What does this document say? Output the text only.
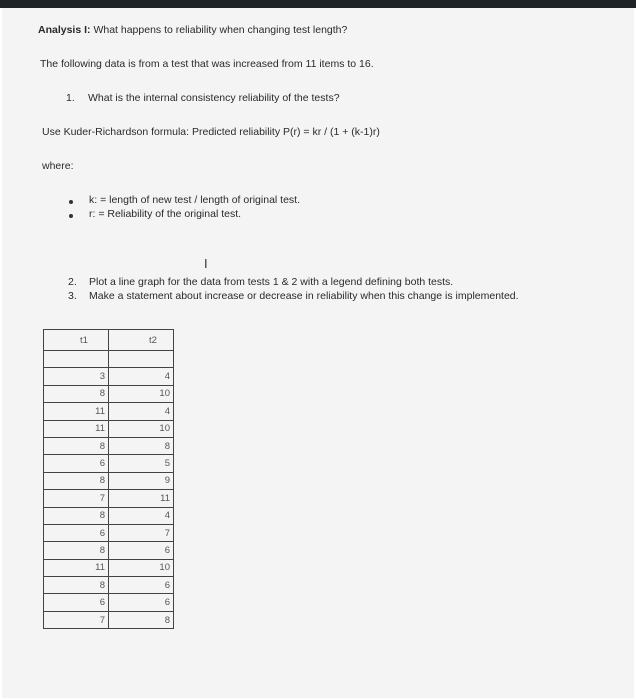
Analysis I: What happens to reliability when changing test length?
The following data is from a test that was increased from 11 items to 16.
1. What is the internal consistency reliability of the tests?
Use Kuder-Richardson formula: Predicted reliability P(r) = kr / (1 + (k-1)r)
where:
k: = length of new test / length of original test.
r: = Reliability of the original test.
I
2. Plot a line graph for the data from tests 1 & 2 with a legend defining both tests.
3. Make a statement about increase or decrease in reliability when this change is implemented.
t1	t2

3	4
8	10
11	4
11	10
8	8
6	5
8	9
7	11
8	4
6	7
8	6
11	10
8	6
6	6
7	8
